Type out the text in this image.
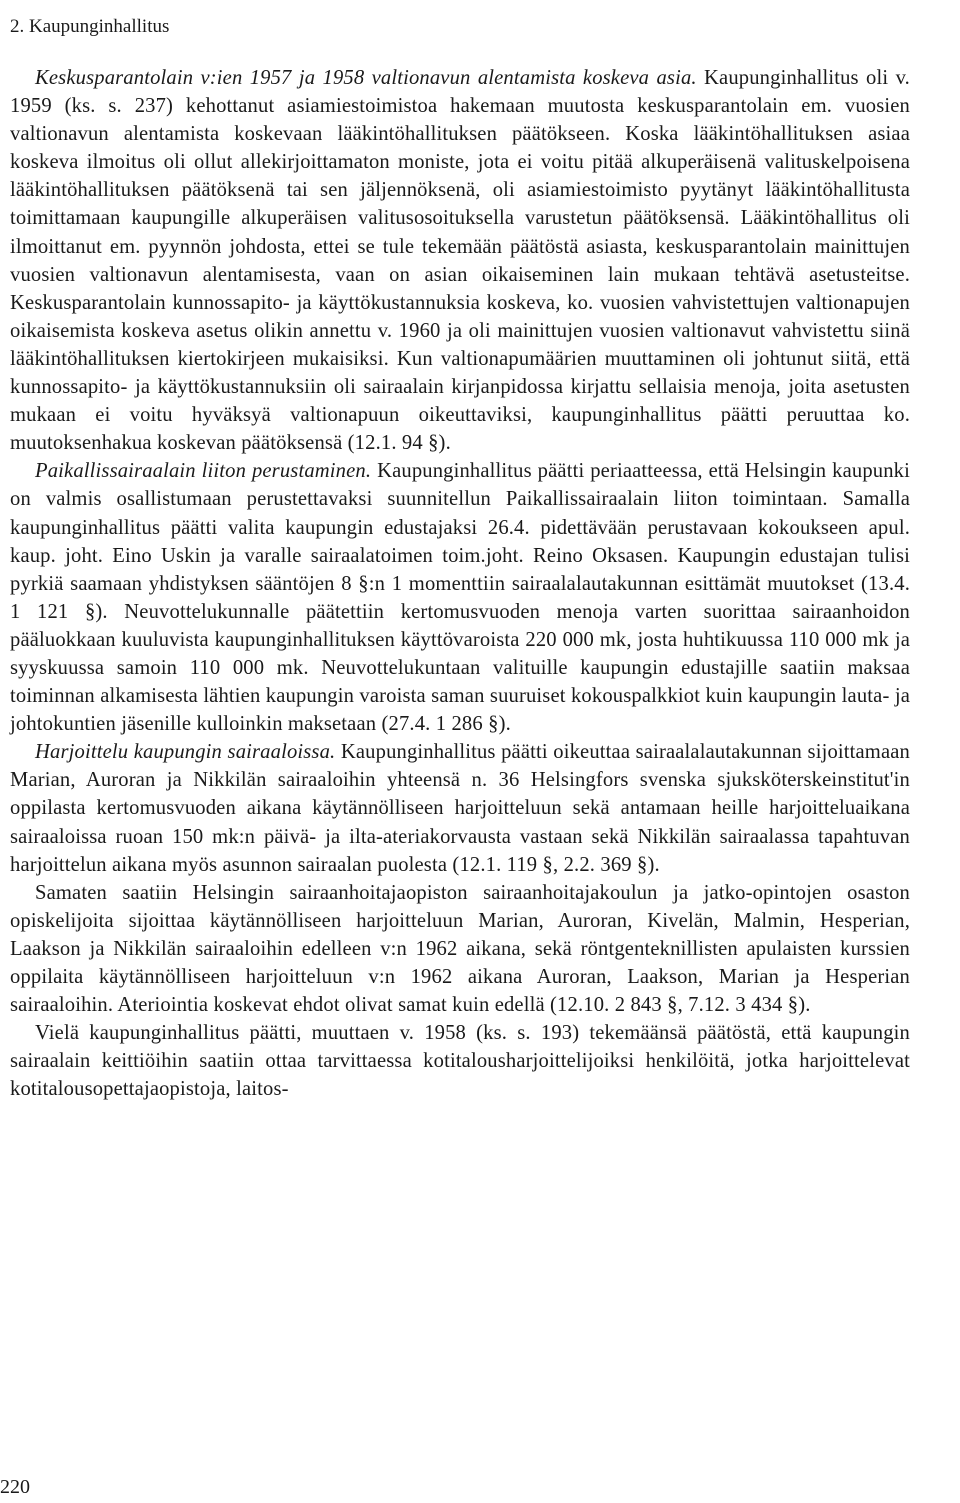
2. Kaupunginhallitus

Keskusparantolain v:ien 1957 ja 1958 valtionavun alentamista koskeva asia. Kaupunginhallitus oli v. 1959 (ks. s. 237) kehottanut asiamiestoimistoa hakemaan muutosta keskusparantolain em. vuosien valtionavun alentamista koskevaan lääkintöhallituksen päätökseen. Koska lääkintöhallituksen asiaa koskeva ilmoitus oli ollut allekirjoittamaton moniste, jota ei voitu pitää alkuperäisenä valituskelpoisena lääkintöhallituksen päätöksenä tai sen jäljennöksenä, oli asiamiestoimisto pyytänyt lääkintöhallitusta toimittamaan kaupungille alkuperäisen valitusosoituksella varustetun päätöksensä. Lääkintöhallitus oli ilmoittanut em. pyynnön johdosta, ettei se tule tekemään päätöstä asiasta, keskusparantolain mainittujen vuosien valtionavun alentamisesta, vaan on asian oikaiseminen lain mukaan tehtävä asetusteitse. Keskusparantolain kunnossapito- ja käyttökustannuksia koskeva, ko. vuosien vahvistettujen valtionapujen oikaisemista koskeva asetus olikin annettu v. 1960 ja oli mainittujen vuosien valtionavut vahvistettu siinä lääkintöhallituksen kiertokirjeen mukaisiksi. Kun valtionapumäärien muuttaminen oli johtunut siitä, että kunnossapito- ja käyttökustannuksiin oli sairaalain kirjanpidossa kirjattu sellaisia menoja, joita asetusten mukaan ei voitu hyväksyä valtionapuun oikeuttaviksi, kaupunginhallitus päätti peruuttaa ko. muutoksenhakua koskevan päätöksensä (12.1. 94 §).

Paikallissairaalain liiton perustaminen. Kaupunginhallitus päätti periaatteessa, että Helsingin kaupunki on valmis osallistumaan perustettavaksi suunnitellun Paikallissairaalain liiton toimintaan. Samalla kaupunginhallitus päätti valita kaupungin edustajaksi 26.4. pidettävään perustavaan kokoukseen apul. kaup. joht. Eino Uskin ja varalle sairaalatoimen toim.joht. Reino Oksasen. Kaupungin edustajan tulisi pyrkiä saamaan yhdistyksen sääntöjen 8 §:n 1 momenttiin sairaalalautakunnan esittämät muutokset (13.4. 1 121 §). Neuvottelukunnalle päätettiin kertomusvuoden menoja varten suorittaa sairaanhoidon pääluokkaan kuuluvista kaupunginhallituksen käyttövaroista 220 000 mk, josta huhtikuussa 110 000 mk ja syyskuussa samoin 110 000 mk. Neuvottelukuntaan valituille kaupungin edustajille saatiin maksaa toiminnan alkamisesta lähtien kaupungin varoista saman suuruiset kokouspalkkiot kuin kaupungin lauta- ja johtokuntien jäsenille kulloinkin maksetaan (27.4. 1 286 §).

Harjoittelu kaupungin sairaaloissa. Kaupunginhallitus päätti oikeuttaa sairaalalautakunnan sijoittamaan Marian, Auroran ja Nikkilän sairaaloihin yhteensä n. 36 Helsingfors svenska sjuksköterskeinstitut'in oppilasta kertomusvuoden aikana käytännölliseen harjoitteluun sekä antamaan heille harjoitteluaikana sairaaloissa ruoan 150 mk:n päivä- ja ilta-ateriakorvausta vastaan sekä Nikkilän sairaalassa tapahtuvan harjoittelun aikana myös asunnon sairaalan puolesta (12.1. 119 §, 2.2. 369 §).

Samaten saatiin Helsingin sairaanhoitajaopiston sairaanhoitajakoulun ja jatko-opintojen osaston opiskelijoita sijoittaa käytännölliseen harjoitteluun Marian, Auroran, Kivelän, Malmin, Hesperian, Laakson ja Nikkilän sairaaloihin edelleen v:n 1962 aikana, sekä röntgenteknillisten apulaisten kurssien oppilaita käytännölliseen harjoitteluun v:n 1962 aikana Auroran, Laakson, Marian ja Hesperian sairaaloihin. Ateriointia koskevat ehdot olivat samat kuin edellä (12.10. 2 843 §, 7.12. 3 434 §).

Vielä kaupunginhallitus päätti, muuttaen v. 1958 (ks. s. 193) tekemäänsä päätöstä, että kaupungin sairaalain keittiöihin saatiin ottaa tarvittaessa kotitalousharjoittelijoiksi henkilöitä, jotka harjoittelevat kotitalousopettajaopistoja, laitos-

220
